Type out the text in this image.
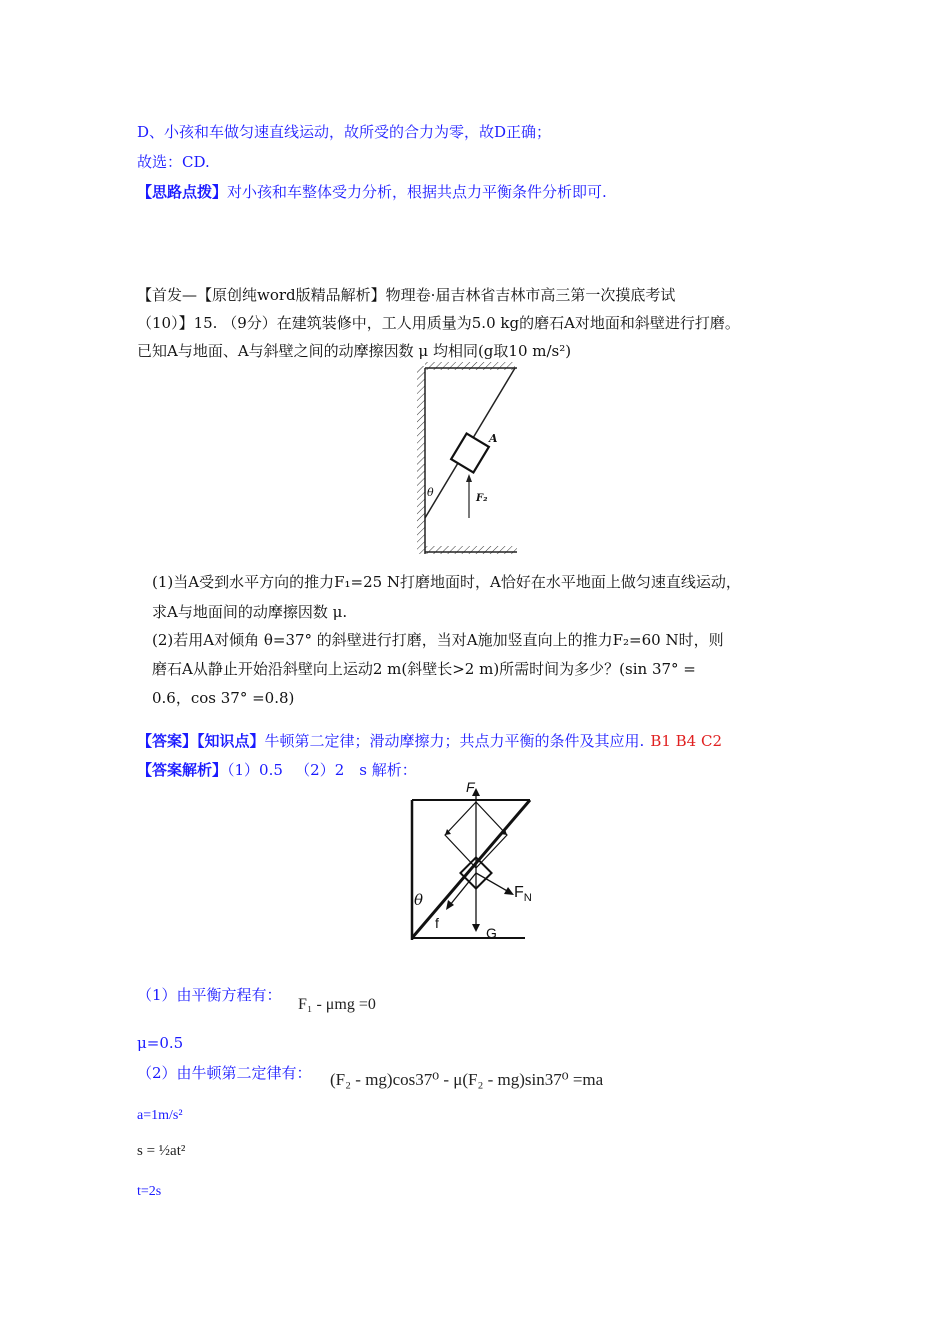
D、小孩和车做匀速直线运动，故所受的合力为零，故D正确；
故选：CD.
【思路点拨】对小孩和车整体受力分析，根据共点力平衡条件分析即可.
【首发—【原创纯word版精品解析】物理卷·届吉林省吉林市高三第一次摸底考试
（10）】15. （9分）在建筑装修中，工人用质量为5.0 kg的磨石A对地面和斜壁进行打磨。
已知A与地面、A与斜壁之间的动摩擦因数 μ 均相同(g取10 m/s²)
A
θ	F₂
(1)当A受到水平方向的推力F₁=25 N打磨地面时，A恰好在水平地面上做匀速直线运动，
求A与地面间的动摩擦因数 μ.
(2)若用A对倾角 θ=37° 的斜壁进行打磨，当对A施加竖直向上的推力F₂=60 N时，则
磨石A从静止开始沿斜壁向上运动2 m(斜壁长>2 m)所需时间为多少？(sin 37° =
0.6，cos 37° =0.8)
【答案】【知识点】牛顿第二定律；滑动摩擦力；共点力平衡的条件及其应用. B1 B4 C2
【答案解析】（1）0.5 　（2）2　s 解析：
F
$F_N$
θ
f
G
（1）由平衡方程有：
F₁ - μmg =0
μ=0.5
（2）由牛顿第二定律有： (F₂ - mg)cos37⁰ - μ(F₂ - mg)sin37⁰ =ma
a=1m/s²
s = ½at²
t=2s
